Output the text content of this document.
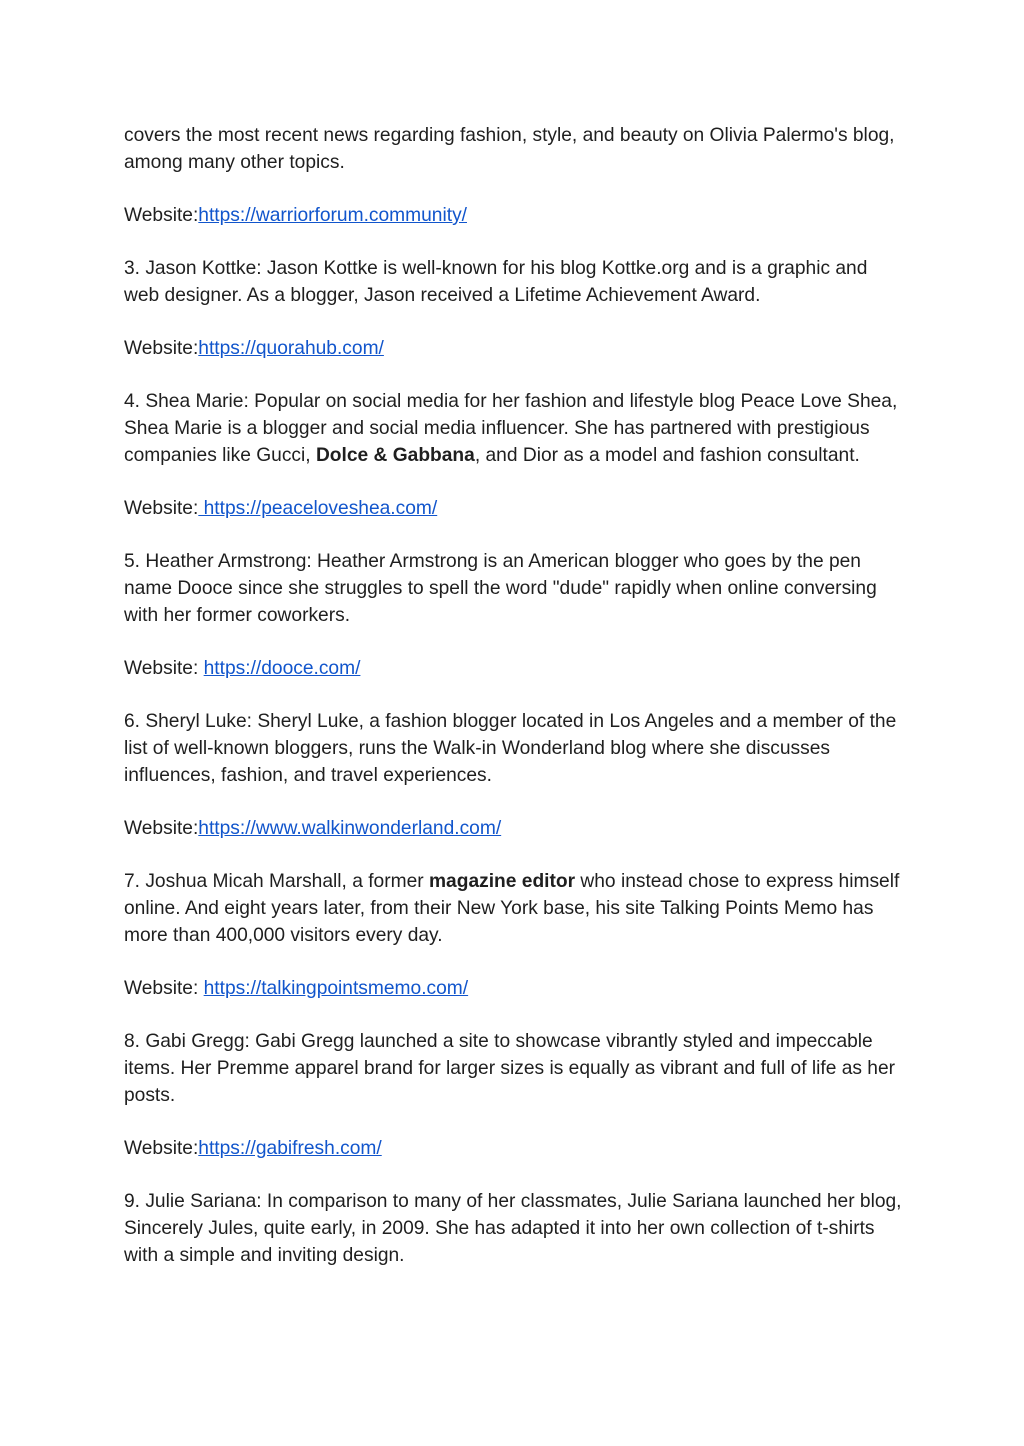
covers the most recent news regarding fashion, style, and beauty on Olivia Palermo's blog, among many other topics.

Website:https://warriorforum.community/

3. Jason Kottke: Jason Kottke is well-known for his blog Kottke.org and is a graphic and web designer. As a blogger, Jason received a Lifetime Achievement Award.

Website:https://quorahub.com/

4. Shea Marie: Popular on social media for her fashion and lifestyle blog Peace Love Shea, Shea Marie is a blogger and social media influencer. She has partnered with prestigious companies like Gucci, Dolce & Gabbana, and Dior as a model and fashion consultant.

Website: https://peaceloveshea.com/

5. Heather Armstrong: Heather Armstrong is an American blogger who goes by the pen name Dooce since she struggles to spell the word "dude" rapidly when online conversing with her former coworkers.

Website: https://dooce.com/

6. Sheryl Luke: Sheryl Luke, a fashion blogger located in Los Angeles and a member of the list of well-known bloggers, runs the Walk-in Wonderland blog where she discusses influences, fashion, and travel experiences.

Website:https://www.walkinwonderland.com/

7. Joshua Micah Marshall, a former magazine editor who instead chose to express himself online. And eight years later, from their New York base, his site Talking Points Memo has more than 400,000 visitors every day.

Website: https://talkingpointsmemo.com/

8. Gabi Gregg: Gabi Gregg launched a site to showcase vibrantly styled and impeccable items. Her Premme apparel brand for larger sizes is equally as vibrant and full of life as her posts.

Website:https://gabifresh.com/

9. Julie Sariana: In comparison to many of her classmates, Julie Sariana launched her blog, Sincerely Jules, quite early, in 2009. She has adapted it into her own collection of t-shirts with a simple and inviting design.
